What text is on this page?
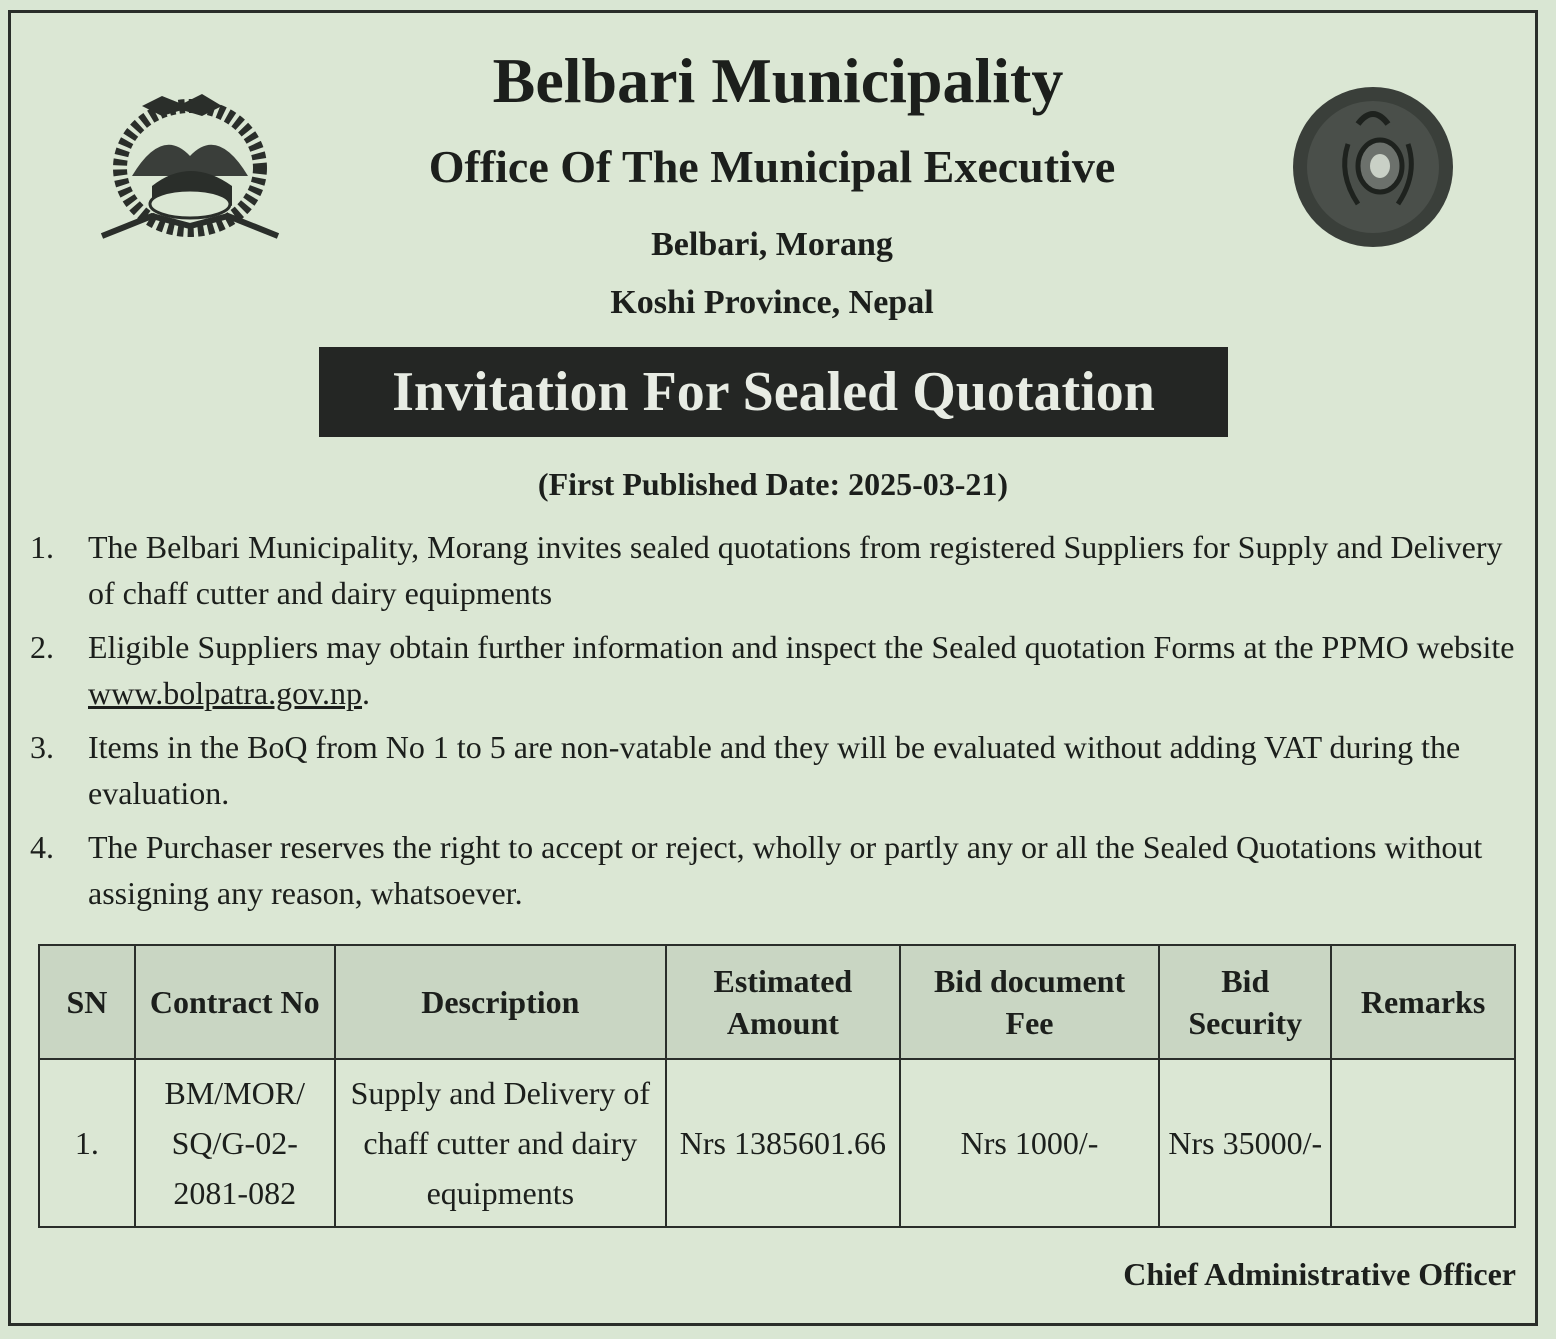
Belbari Municipality
Office Of The Municipal Executive
Belbari, Morang
Koshi Province, Nepal
Invitation For Sealed Quotation
(First Published Date: 2025-03-21)
1. The Belbari Municipality, Morang invites sealed quotations from registered Suppliers for Supply and Delivery of chaff cutter and dairy equipments
2. Eligible Suppliers may obtain further information and inspect the Sealed quotation Forms at the PPMO website www.bolpatra.gov.np.
3. Items in the BoQ from No 1 to 5 are non-vatable and they will be evaluated without adding VAT during the evaluation.
4. The Purchaser reserves the right to accept or reject, wholly or partly any or all the Sealed Quotations without assigning any reason, whatsoever.
SN	Contract No	Description	Estimated Amount	Bid document Fee	Bid Security	Remarks
1.	BM/MOR/ SQ/G-02- 2081-082	Supply and Delivery of chaff cutter and dairy equipments	Nrs 1385601.66	Nrs 1000/-	Nrs 35000/-	
Chief Administrative Officer
